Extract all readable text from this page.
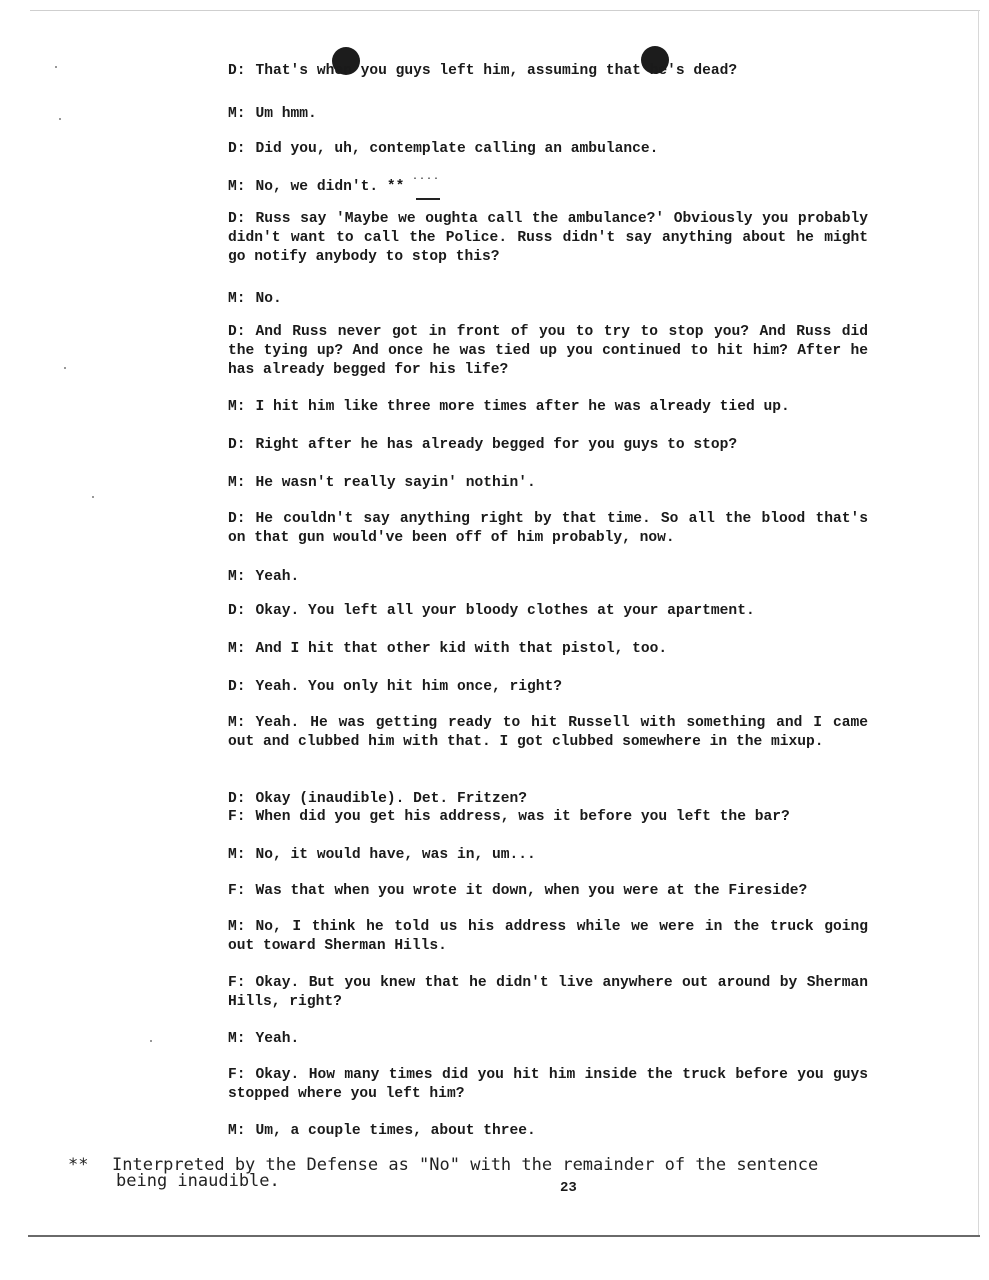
....

D: That's when you guys left him, assuming that he's dead?

M: Um hmm.

D: Did you, uh, contemplate calling an ambulance.

M: No, we didn't. **

D: Russ say 'Maybe we oughta call the ambulance?' Obviously you probably didn't want to call the Police. Russ didn't say anything about he might go notify anybody to stop this?

M: No.

D: And Russ never got in front of you to try to stop you? And Russ did the tying up? And once he was tied up you continued to hit him? After he has already begged for his life?

M: I hit him like three more times after he was already tied up.

D: Right after he has already begged for you guys to stop?

M: He wasn't really sayin' nothin'.

D: He couldn't say anything right by that time. So all the blood that's on that gun would've been off of him probably, now.

M: Yeah.

D: Okay. You left all your bloody clothes at your apartment.

M: And I hit that other kid with that pistol, too.

D: Yeah. You only hit him once, right?

M: Yeah. He was getting ready to hit Russell with something and I came out and clubbed him with that. I got clubbed somewhere in the mixup.

D: Okay (inaudible). Det. Fritzen?

F: When did you get his address, was it before you left the bar?

M: No, it would have, was in, um...

F: Was that when you wrote it down, when you were at the Fireside?

M: No, I think he told us his address while we were in the truck going out toward Sherman Hills.

F: Okay. But you knew that he didn't live anywhere out around by Sherman Hills, right?

M: Yeah.

F: Okay. How many times did you hit him inside the truck before you guys stopped where you left him?

M: Um, a couple times, about three.

** Interpreted by the Defense as "No" with the remainder of the sentence
being inaudible.	23
